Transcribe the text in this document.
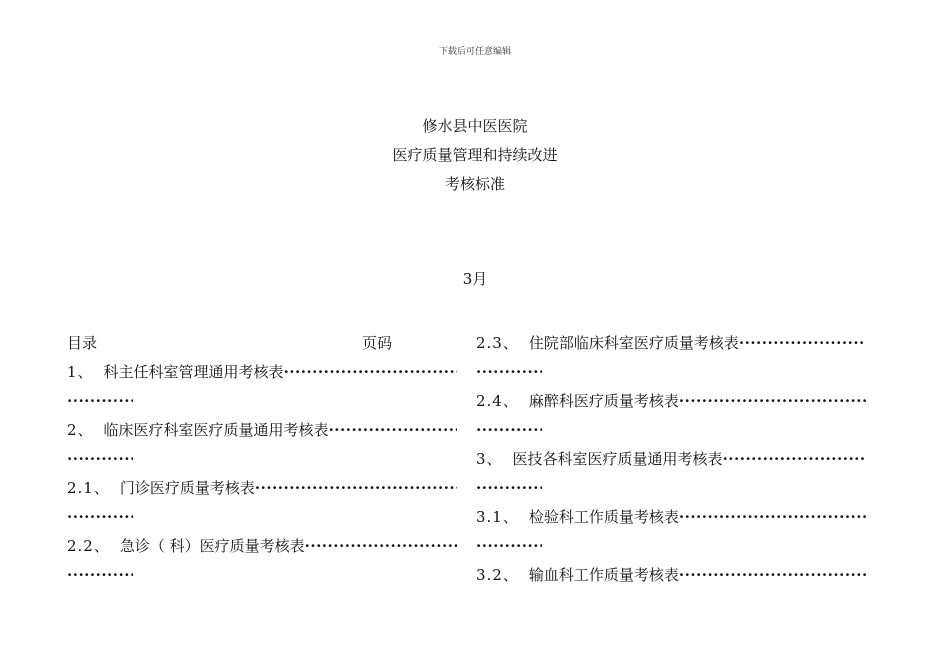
下载后可任意编辑
修水县中医医院
医疗质量管理和持续改进
考核标准
3月
目录	页码
1、 科主任科室管理通用考核表
·····
·····
2、 临床医疗科室医疗质量通用考核表
·····
·····
2.1、 门诊医疗质量考核表
·····
·····
2.2、 急诊（ 科）医疗质量考核表
·····
·····
2.3、 住院部临床科室医疗质量考核表
·····
·····
2.4、 麻醉科医疗质量考核表
·····
·····
3、 医技各科室医疗质量通用考核表
·····
·····
3.1、 检验科工作质量考核表
·····
·····
3.2、 输血科工作质量考核表
·····
